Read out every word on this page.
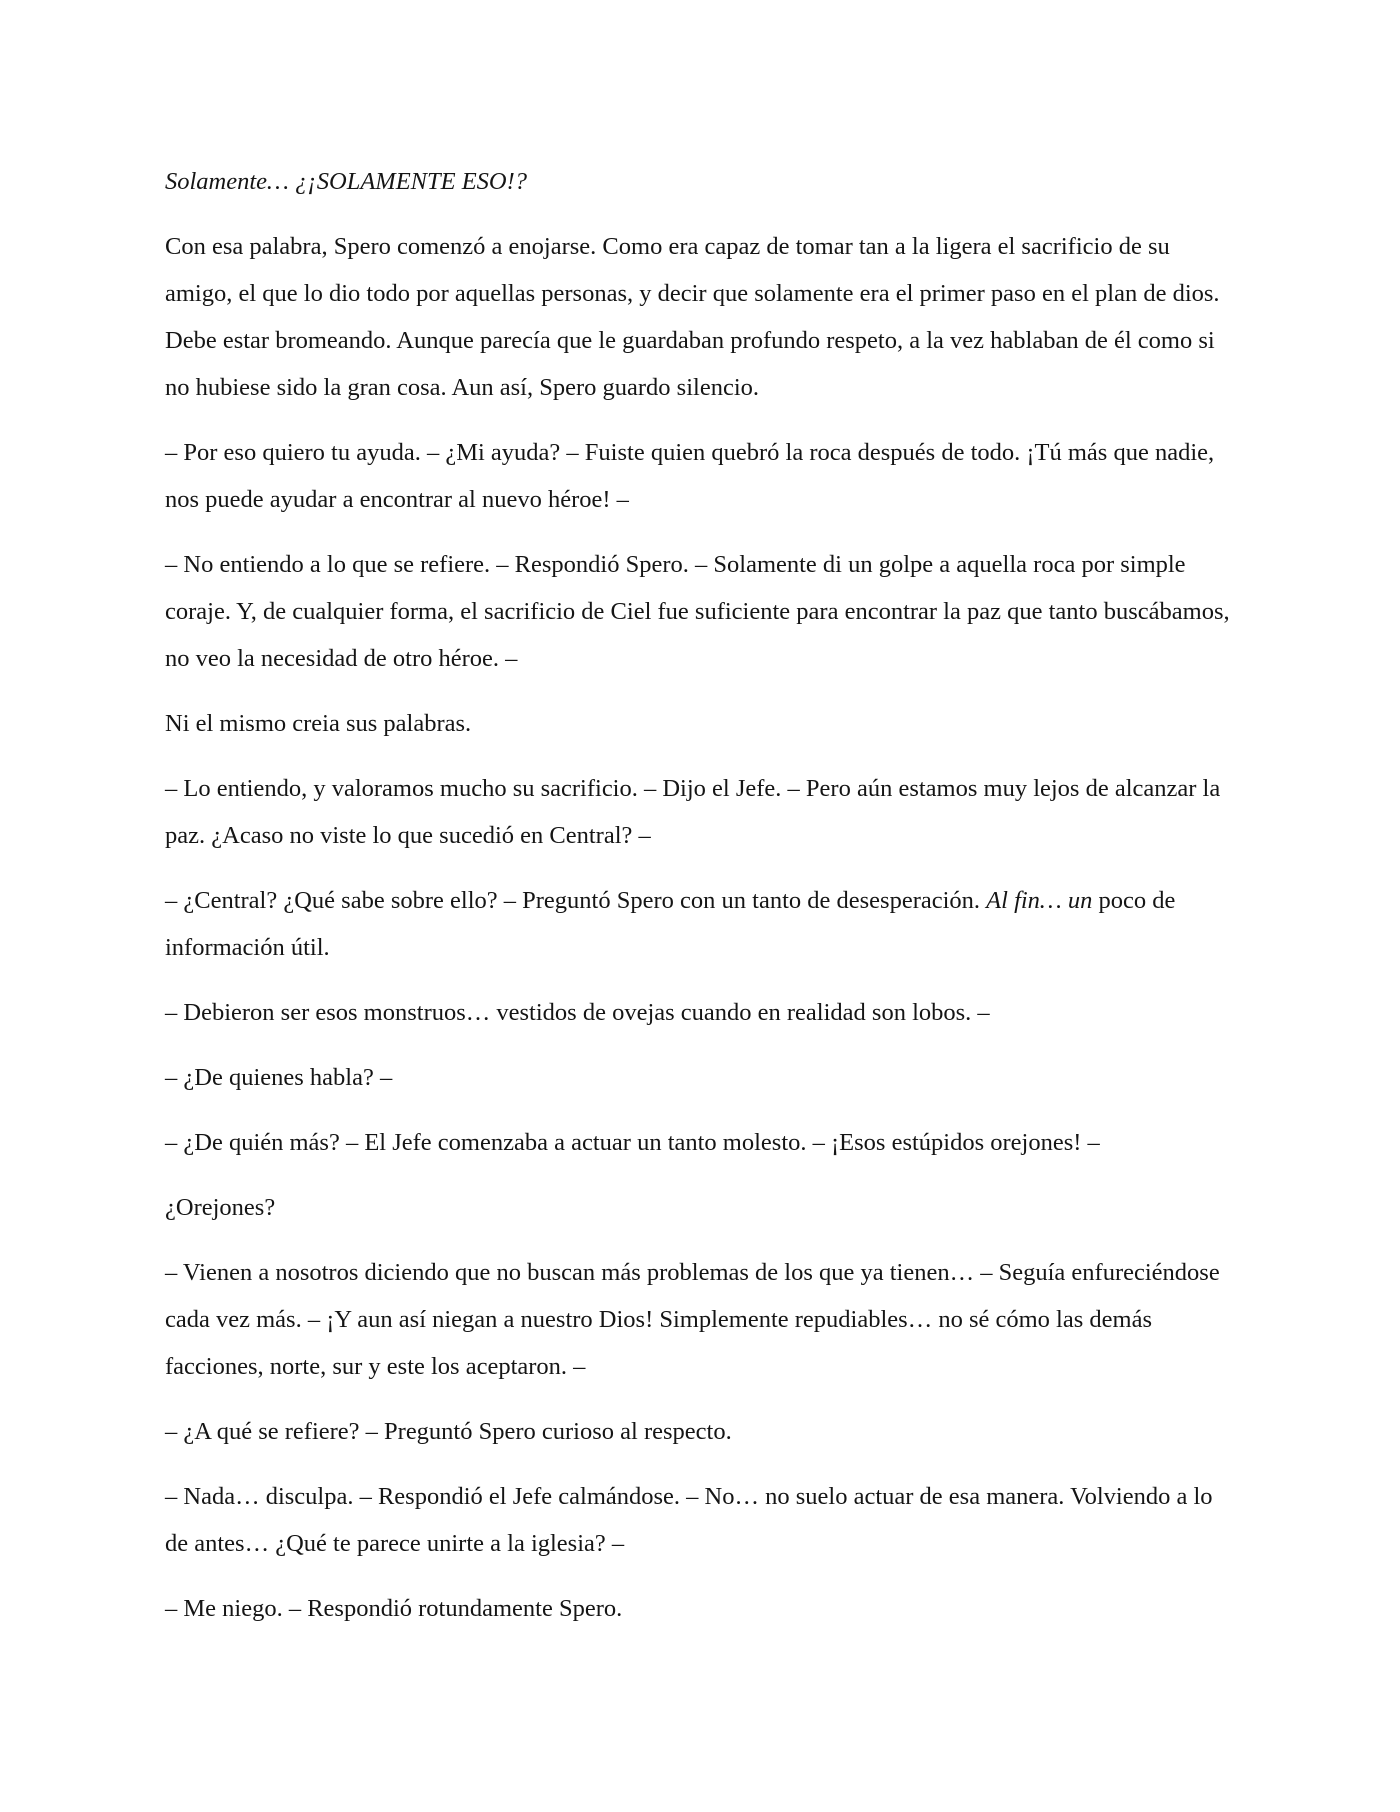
Solamente… ¿¡SOLAMENTE ESO!?

Con esa palabra, Spero comenzó a enojarse. Como era capaz de tomar tan a la ligera el sacrificio de su amigo, el que lo dio todo por aquellas personas, y decir que solamente era el primer paso en el plan de dios. Debe estar bromeando. Aunque parecía que le guardaban profundo respeto, a la vez hablaban de él como si no hubiese sido la gran cosa. Aun así, Spero guardo silencio.

– Por eso quiero tu ayuda. – ¿Mi ayuda? – Fuiste quien quebró la roca después de todo. ¡Tú más que nadie, nos puede ayudar a encontrar al nuevo héroe! –

– No entiendo a lo que se refiere. – Respondió Spero. – Solamente di un golpe a aquella roca por simple coraje. Y, de cualquier forma, el sacrificio de Ciel fue suficiente para encontrar la paz que tanto buscábamos, no veo la necesidad de otro héroe. –

Ni el mismo creia sus palabras.

– Lo entiendo, y valoramos mucho su sacrificio. – Dijo el Jefe. – Pero aún estamos muy lejos de alcanzar la paz. ¿Acaso no viste lo que sucedió en Central? –

– ¿Central? ¿Qué sabe sobre ello? – Preguntó Spero con un tanto de desesperación. Al fin… un poco de información útil.

– Debieron ser esos monstruos… vestidos de ovejas cuando en realidad son lobos. –

– ¿De quienes habla? –

– ¿De quién más? – El Jefe comenzaba a actuar un tanto molesto. – ¡Esos estúpidos orejones! –

¿Orejones?

– Vienen a nosotros diciendo que no buscan más problemas de los que ya tienen… – Seguía enfureciéndose cada vez más. – ¡Y aun así niegan a nuestro Dios! Simplemente repudiables… no sé cómo las demás facciones, norte, sur y este los aceptaron. –

– ¿A qué se refiere? – Preguntó Spero curioso al respecto.

– Nada… disculpa. – Respondió el Jefe calmándose. – No… no suelo actuar de esa manera. Volviendo a lo de antes… ¿Qué te parece unirte a la iglesia? –

– Me niego. – Respondió rotundamente Spero.
